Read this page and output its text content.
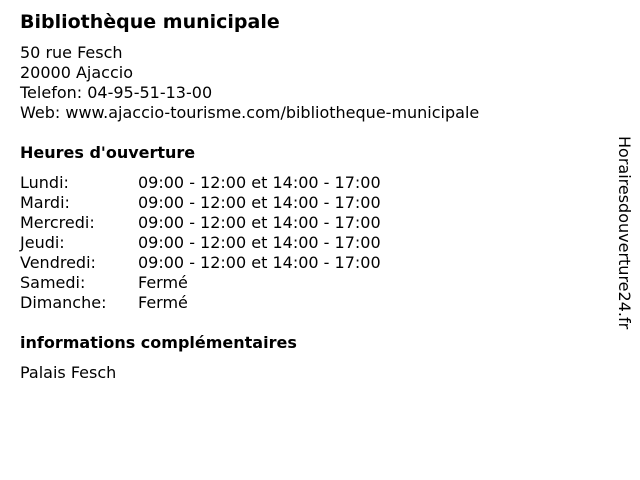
Bibliothèque municipale
50 rue Fesch
20000 Ajaccio
Telefon: 04-95-51-13-00
Web: www.ajaccio-tourisme.com/bibliotheque-municipale
Heures d'ouverture
Lundi:	09:00 - 12:00 et 14:00 - 17:00
Mardi:	09:00 - 12:00 et 14:00 - 17:00
Mercredi:	09:00 - 12:00 et 14:00 - 17:00
Jeudi:	09:00 - 12:00 et 14:00 - 17:00
Vendredi:	09:00 - 12:00 et 14:00 - 17:00
Samedi:	Fermé
Dimanche: Fermé
informations complémentaires
Palais Fesch
Horairesdouverture24.fr
